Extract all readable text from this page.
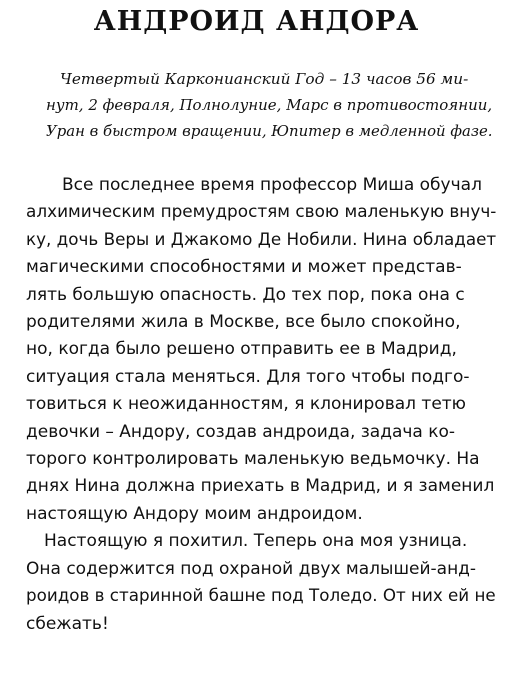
АНДРОИД АНДОРА
Четвертый Карконианский Год – 13 часов 56 ми-
нут, 2 февраля, Полнолуние, Марс в противостоянии,
Уран в быстром вращении, Юпитер в медленной фазе.
Все последнее время профессор Миша обучал
алхимическим премудростям свою маленькую внуч-
ку, дочь Веры и Джакомо Де Нобили. Нина обладает
магическими способностями и может представ-
лять большую опасность. До тех пор, пока она с
родителями жила в Москве, все было спокойно,
но, когда было решено отправить ее в Мадрид,
ситуация стала меняться. Для того чтобы подго-
товиться к неожиданностям, я клонировал тетю
девочки – Андору, создав андроида, задача ко-
торого контролировать маленькую ведьмочку. На
днях Нина должна приехать в Мадрид, и я заменил
настоящую Андору моим андроидом.
Настоящую я похитил. Теперь она моя узница.
Она содержится под охраной двух малышей-анд-
роидов в старинной башне под Толедо. От них ей не
сбежать!
